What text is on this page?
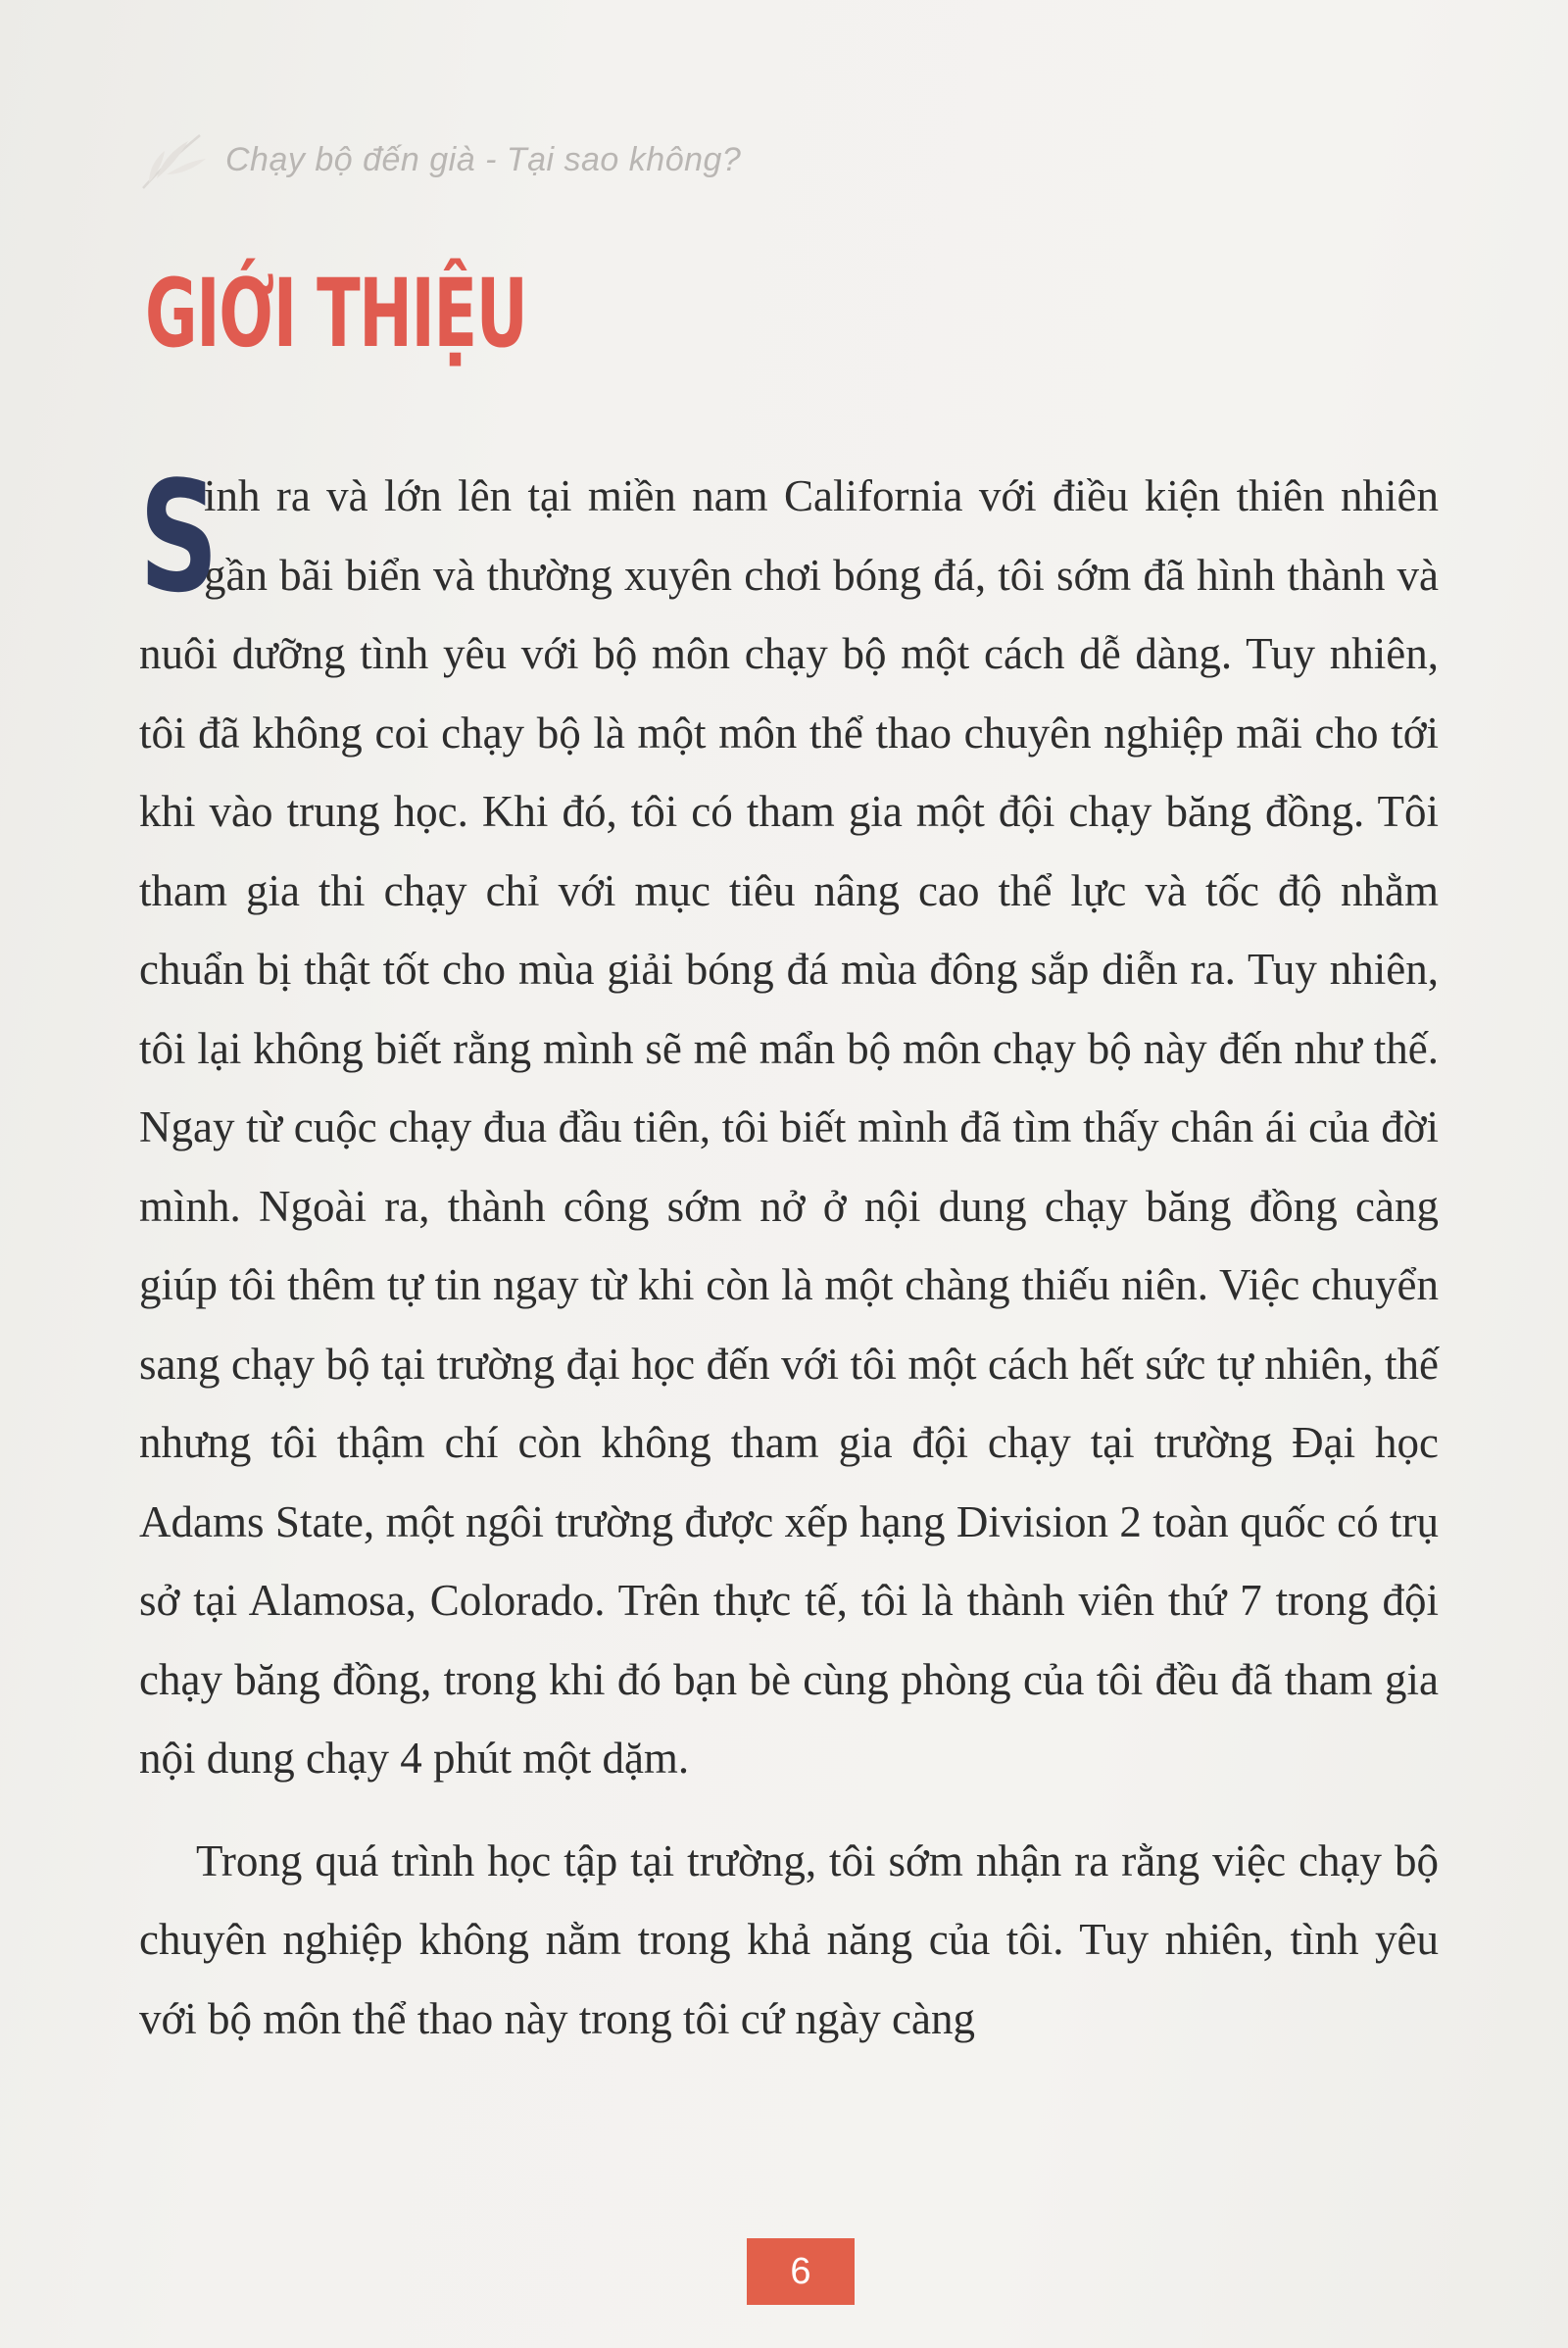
Chạy bộ đến già - Tại sao không?
GIỚI THIỆU

S
inh ra và lớn lên tại miền nam California với điều kiện thiên nhiên gần bãi biển và thường xuyên chơi bóng đá, tôi sớm đã hình thành và nuôi dưỡng tình yêu với bộ môn chạy bộ một cách dễ dàng. Tuy nhiên, tôi đã không coi chạy bộ là một môn thể thao chuyên nghiệp mãi cho tới khi vào trung học. Khi đó, tôi có tham gia một đội chạy băng đồng. Tôi tham gia thi chạy chỉ với mục tiêu nâng cao thể lực và tốc độ nhằm chuẩn bị thật tốt cho mùa giải bóng đá mùa đông sắp diễn ra. Tuy nhiên, tôi lại không biết rằng mình sẽ mê mẩn bộ môn chạy bộ này đến như thế. Ngay từ cuộc chạy đua đầu tiên, tôi biết mình đã tìm thấy chân ái của đời mình. Ngoài ra, thành công sớm nở ở nội dung chạy băng đồng càng giúp tôi thêm tự tin ngay từ khi còn là một chàng thiếu niên. Việc chuyển sang chạy bộ tại trường đại học đến với tôi một cách hết sức tự nhiên, thế nhưng tôi thậm chí còn không tham gia đội chạy tại trường Đại học Adams State, một ngôi trường được xếp hạng Division 2 toàn quốc có trụ sở tại Alamosa, Colorado. Trên thực tế, tôi là thành viên thứ 7 trong đội chạy băng đồng, trong khi đó bạn bè cùng phòng của tôi đều đã tham gia nội dung chạy 4 phút một dặm.

Trong quá trình học tập tại trường, tôi sớm nhận ra rằng việc chạy bộ chuyên nghiệp không nằm trong khả năng của tôi. Tuy nhiên, tình yêu với bộ môn thể thao này trong tôi cứ ngày càng

6
